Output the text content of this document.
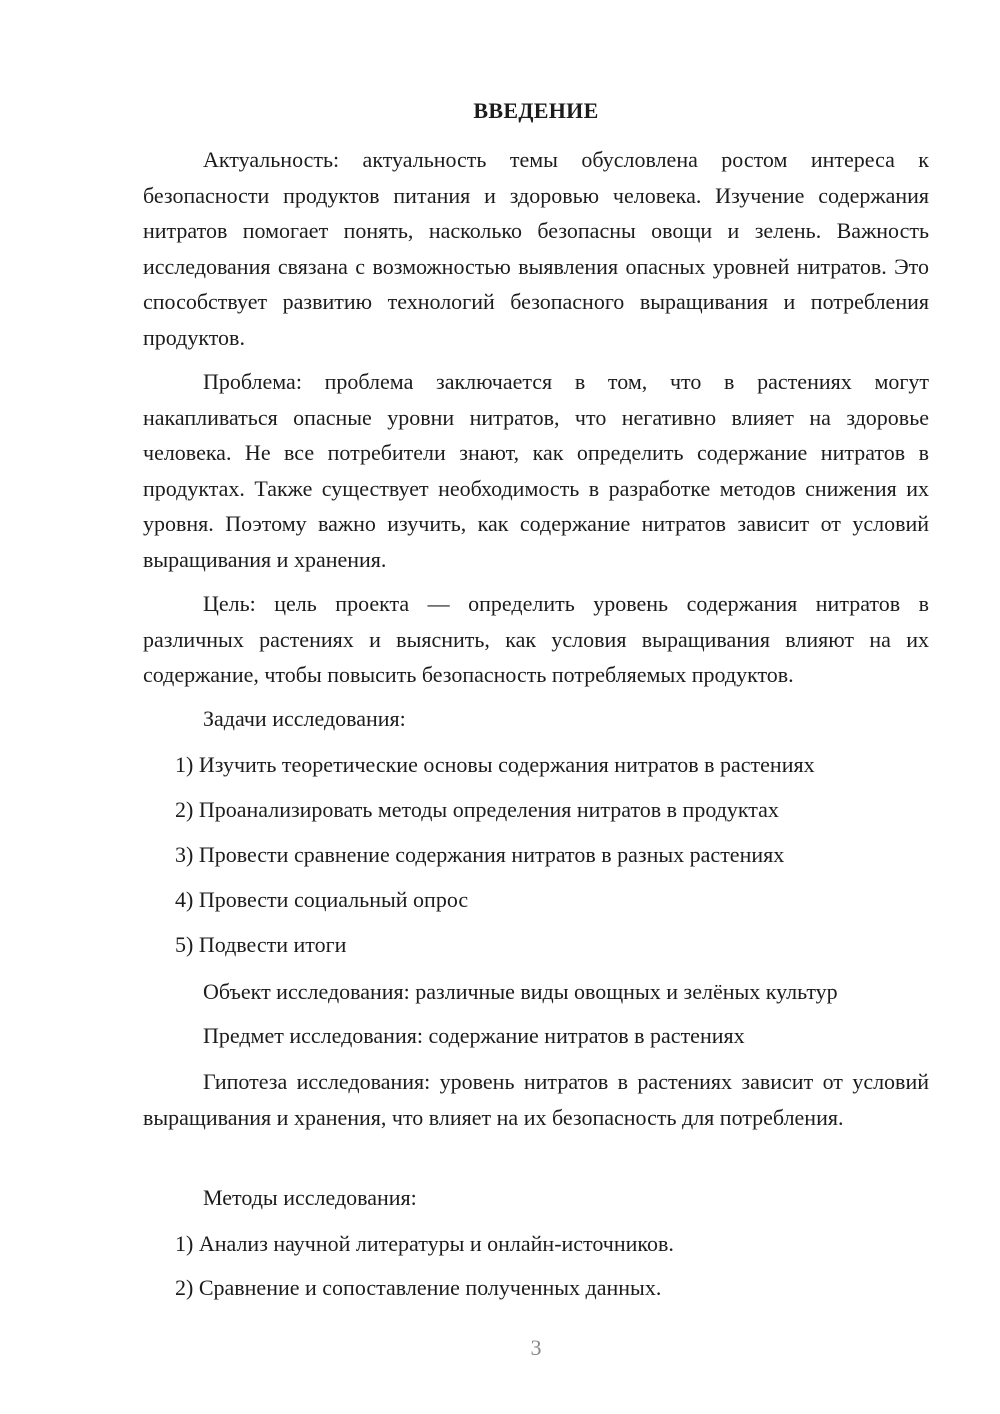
ВВЕДЕНИЕ

Актуальность: актуальность темы обусловлена ростом интереса к безопасности продуктов питания и здоровью человека. Изучение содержания нитратов помогает понять, насколько безопасны овощи и зелень. Важность исследования связана с возможностью выявления опасных уровней нитратов. Это способствует развитию технологий безопасного выращивания и потребления продуктов.

Проблема: проблема заключается в том, что в растениях могут накапливаться опасные уровни нитратов, что негативно влияет на здоровье человека. Не все потребители знают, как определить содержание нитратов в продуктах. Также существует необходимость в разработке методов снижения их уровня. Поэтому важно изучить, как содержание нитратов зависит от условий выращивания и хранения.

Цель: цель проекта — определить уровень содержания нитратов в различных растениях и выяснить, как условия выращивания влияют на их содержание, чтобы повысить безопасность потребляемых продуктов.

Задачи исследования:

1) Изучить теоретические основы содержания нитратов в растениях

2) Проанализировать методы определения нитратов в продуктах

3) Провести сравнение содержания нитратов в разных растениях

4) Провести социальный опрос

5) Подвести итоги

Объект исследования: различные виды овощных и зелёных культур

Предмет исследования: содержание нитратов в растениях

Гипотеза исследования: уровень нитратов в растениях зависит от условий выращивания и хранения, что влияет на их безопасность для потребления.

Методы исследования:

1) Анализ научной литературы и онлайн-источников.

2) Сравнение и сопоставление полученных данных.

3
